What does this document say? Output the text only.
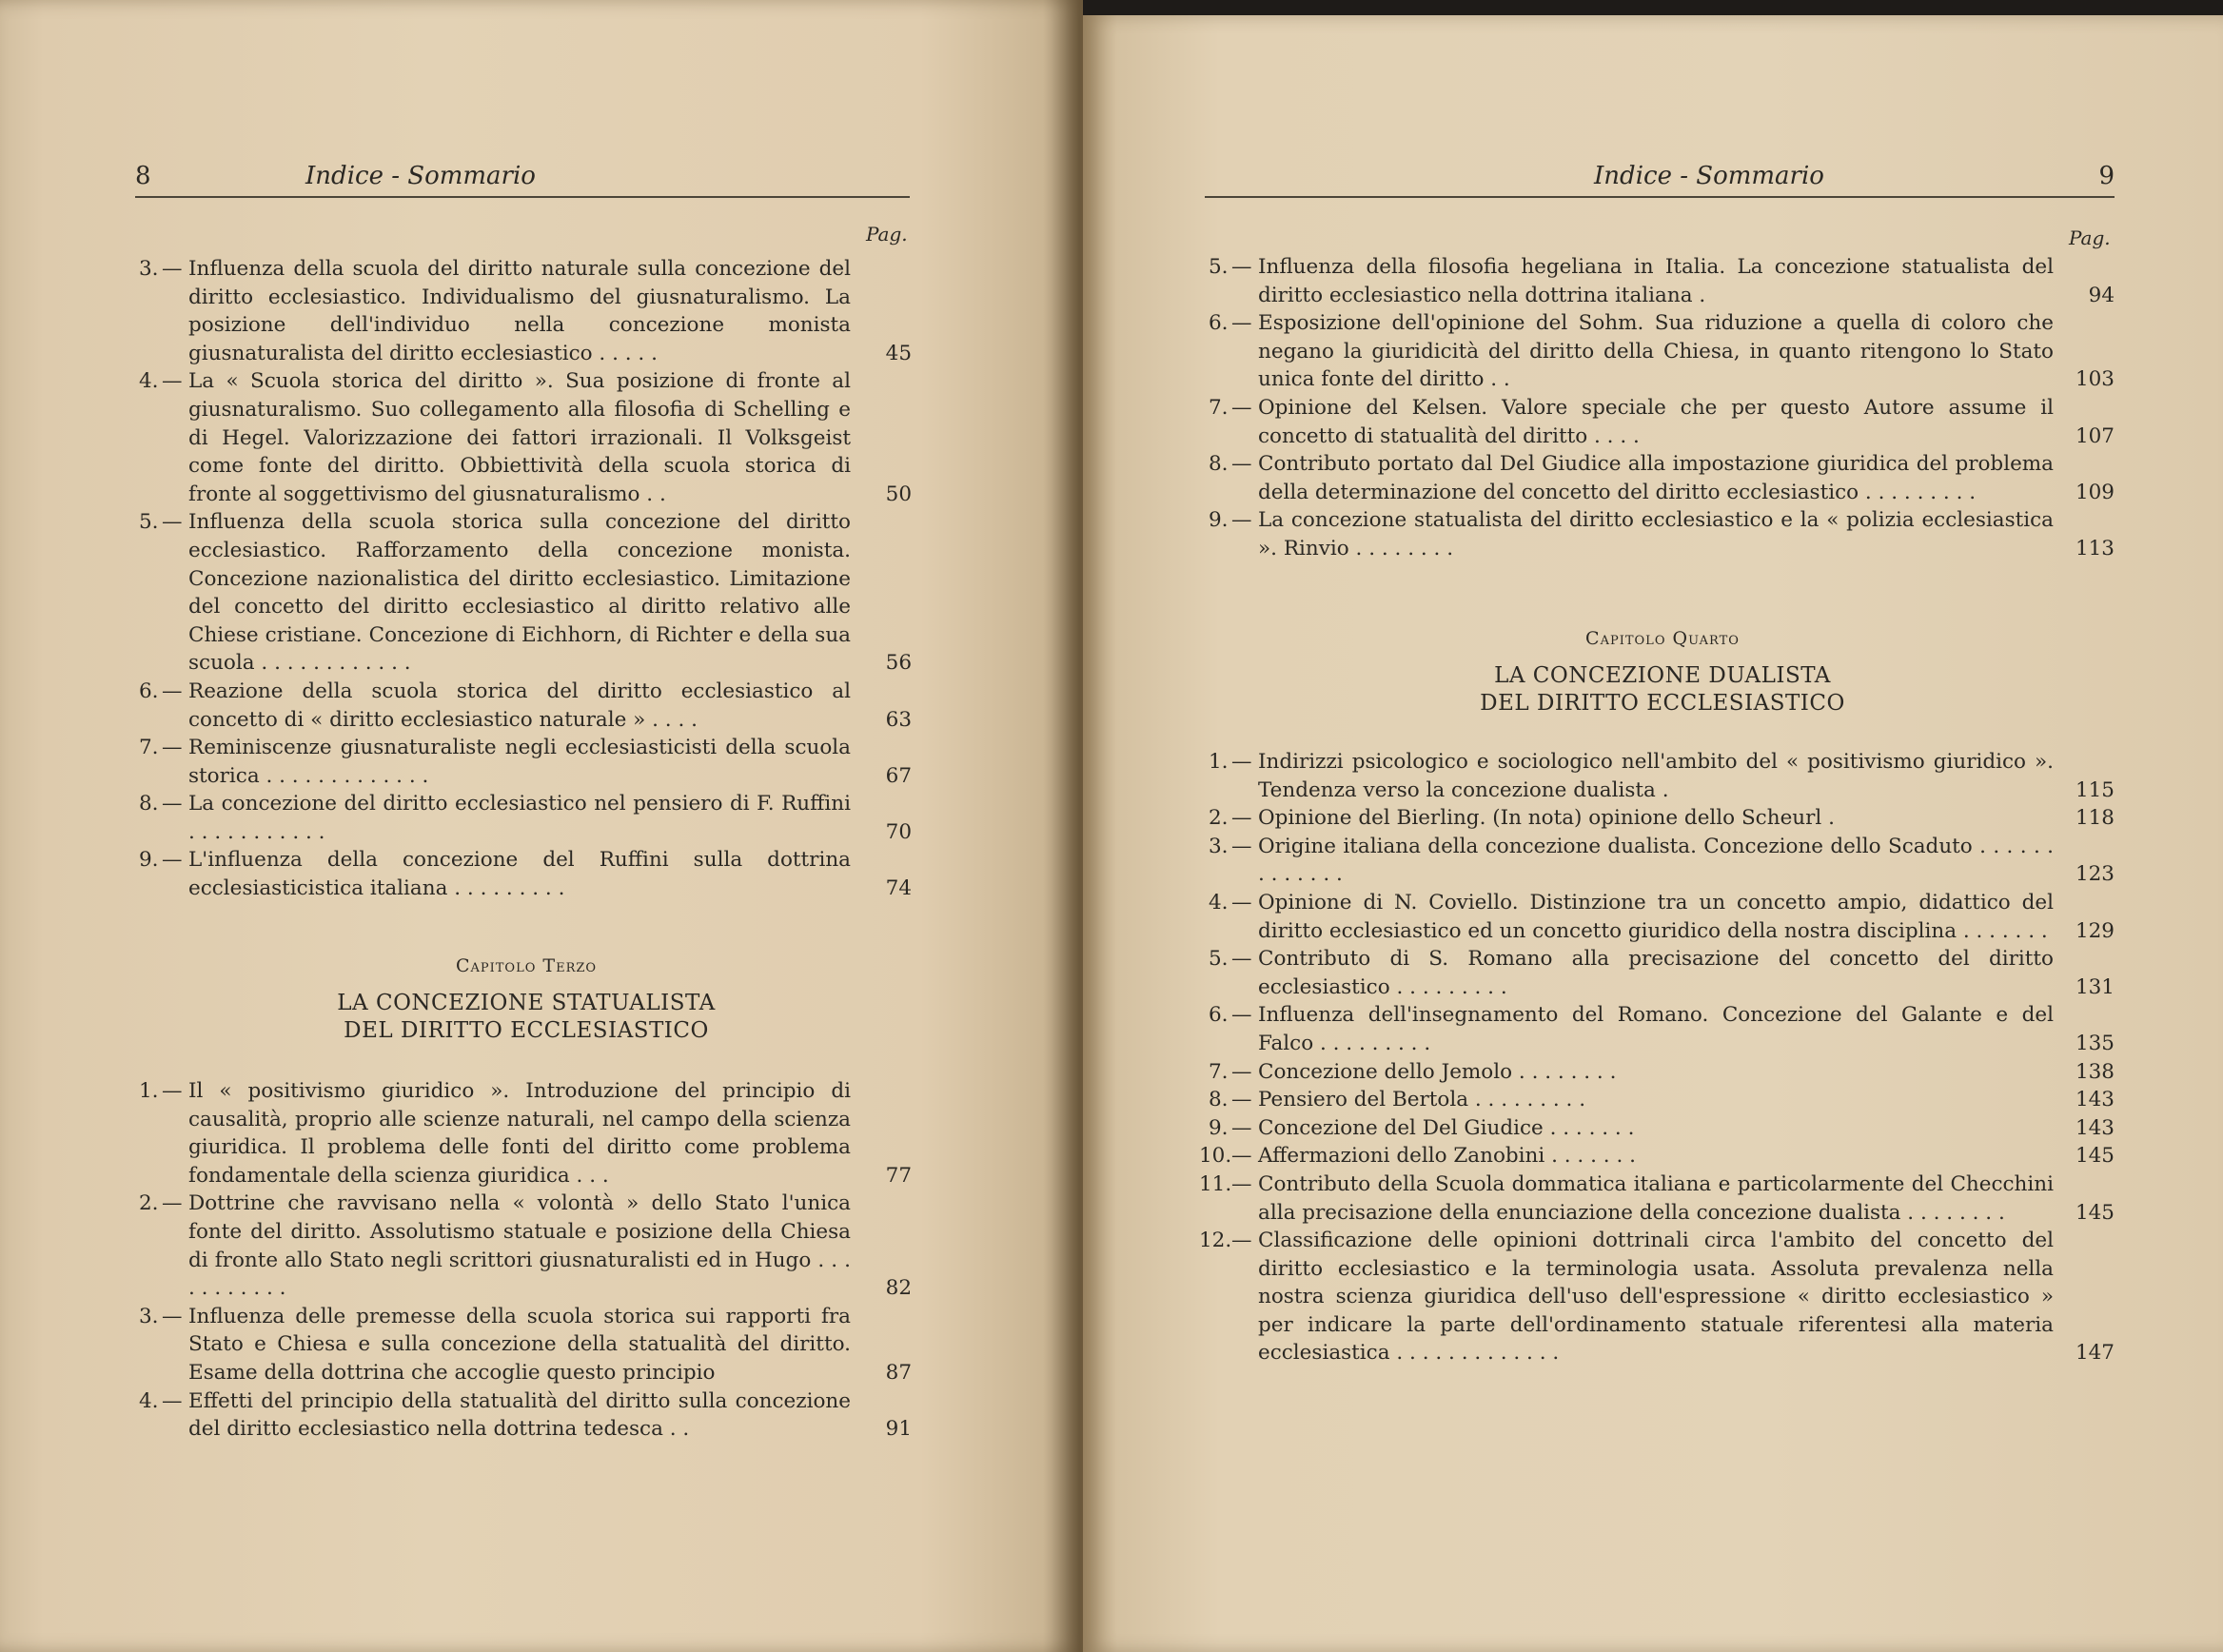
8	Indice - Sommario
Pag.
3. — Influenza della scuola del diritto naturale sulla concezione del diritto ecclesiastico. Individualismo del giusnaturalismo. La posizione dell'individuo nella concezione monista giusnaturalista del diritto ecclesiastico . . . . .	45
4. — La « Scuola storica del diritto ». Sua posizione di fronte al giusnaturalismo. Suo collegamento alla filosofia di Schelling e di Hegel. Valorizzazione dei fattori irrazionali. Il Volksgeist come fonte del diritto. Obbiettività della scuola storica di fronte al soggettivismo del giusnaturalismo . .	50
5. — Influenza della scuola storica sulla concezione del diritto ecclesiastico. Rafforzamento della concezione monista. Concezione nazionalistica del diritto ecclesiastico. Limitazione del concetto del diritto ecclesiastico al diritto relativo alle Chiese cristiane. Concezione di Eichhorn, di Richter e della sua scuola . . . . . . . . . . . .	56
6. — Reazione della scuola storica del diritto ecclesiastico al concetto di « diritto ecclesiastico naturale » . . . .	63
7. — Reminiscenze giusnaturaliste negli ecclesiasticisti della scuola storica . . . . . . . . . . . . .	67
8. — La concezione del diritto ecclesiastico nel pensiero di F. Ruffini . . . . . . . . . . .	70
9. — L'influenza della concezione del Ruffini sulla dottrina ecclesiasticistica italiana . . . . . . . . .	74
Capitolo Terzo
LA CONCEZIONE STATUALISTA
DEL DIRITTO ECCLESIASTICO
1. — Il « positivismo giuridico ». Introduzione del principio di causalità, proprio alle scienze naturali, nel campo della scienza giuridica. Il problema delle fonti del diritto come problema fondamentale della scienza giuridica . . .	77
2. — Dottrine che ravvisano nella « volontà » dello Stato l'unica fonte del diritto. Assolutismo statuale e posizione della Chiesa di fronte allo Stato negli scrittori giusnaturalisti ed in Hugo . . . . . . . . . . .	82
3. — Influenza delle premesse della scuola storica sui rapporti fra Stato e Chiesa e sulla concezione della statualità del diritto. Esame della dottrina che accoglie questo principio	87
4. — Effetti del principio della statualità del diritto sulla concezione del diritto ecclesiastico nella dottrina tedesca . .	91
Indice - Sommario	9
Pag.
5. — Influenza della filosofia hegeliana in Italia. La concezione statualista del diritto ecclesiastico nella dottrina italiana .	94
6. — Esposizione dell'opinione del Sohm. Sua riduzione a quella di coloro che negano la giuridicità del diritto della Chiesa, in quanto ritengono lo Stato unica fonte del diritto . .	103
7. — Opinione del Kelsen. Valore speciale che per questo Autore assume il concetto di statualità del diritto . . . .	107
8. — Contributo portato dal Del Giudice alla impostazione giuridica del problema della determinazione del concetto del diritto ecclesiastico . . . . . . . . .	109
9. — La concezione statualista del diritto ecclesiastico e la « polizia ecclesiastica ». Rinvio . . . . . . . .	113
Capitolo Quarto
LA CONCEZIONE DUALISTA
DEL DIRITTO ECCLESIASTICO
1. — Indirizzi psicologico e sociologico nell'ambito del « positivismo giuridico ». Tendenza verso la concezione dualista .	115
2. — Opinione del Bierling. (In nota) opinione dello Scheurl .	118
3. — Origine italiana della concezione dualista. Concezione dello Scaduto . . . . . . . . . . . . .	123
4. — Opinione di N. Coviello. Distinzione tra un concetto ampio, didattico del diritto ecclesiastico ed un concetto giuridico della nostra disciplina . . . . . . . 129
5. — Contributo di S. Romano alla precisazione del concetto del diritto ecclesiastico . . . . . . . . .	131
6. — Influenza dell'insegnamento del Romano. Concezione del Galante e del Falco . . . . . . . . .	135
7. — Concezione dello Jemolo . . . . . . . .	138
8. — Pensiero del Bertola . . . . . . . . .	143
9. — Concezione del Del Giudice . . . . . . .	143
10. — Affermazioni dello Zanobini . . . . . . .	145
11. — Contributo della Scuola dommatica italiana e particolarmente del Checchini alla precisazione della enunciazione della concezione dualista . . . . . . . .	145
12. — Classificazione delle opinioni dottrinali circa l'ambito del concetto del diritto ecclesiastico e la terminologia usata. Assoluta prevalenza nella nostra scienza giuridica dell'uso dell'espressione « diritto ecclesiastico » per indicare la parte dell'ordinamento statuale riferentesi alla materia ecclesiastica . . . . . . . . . . . . .	147
